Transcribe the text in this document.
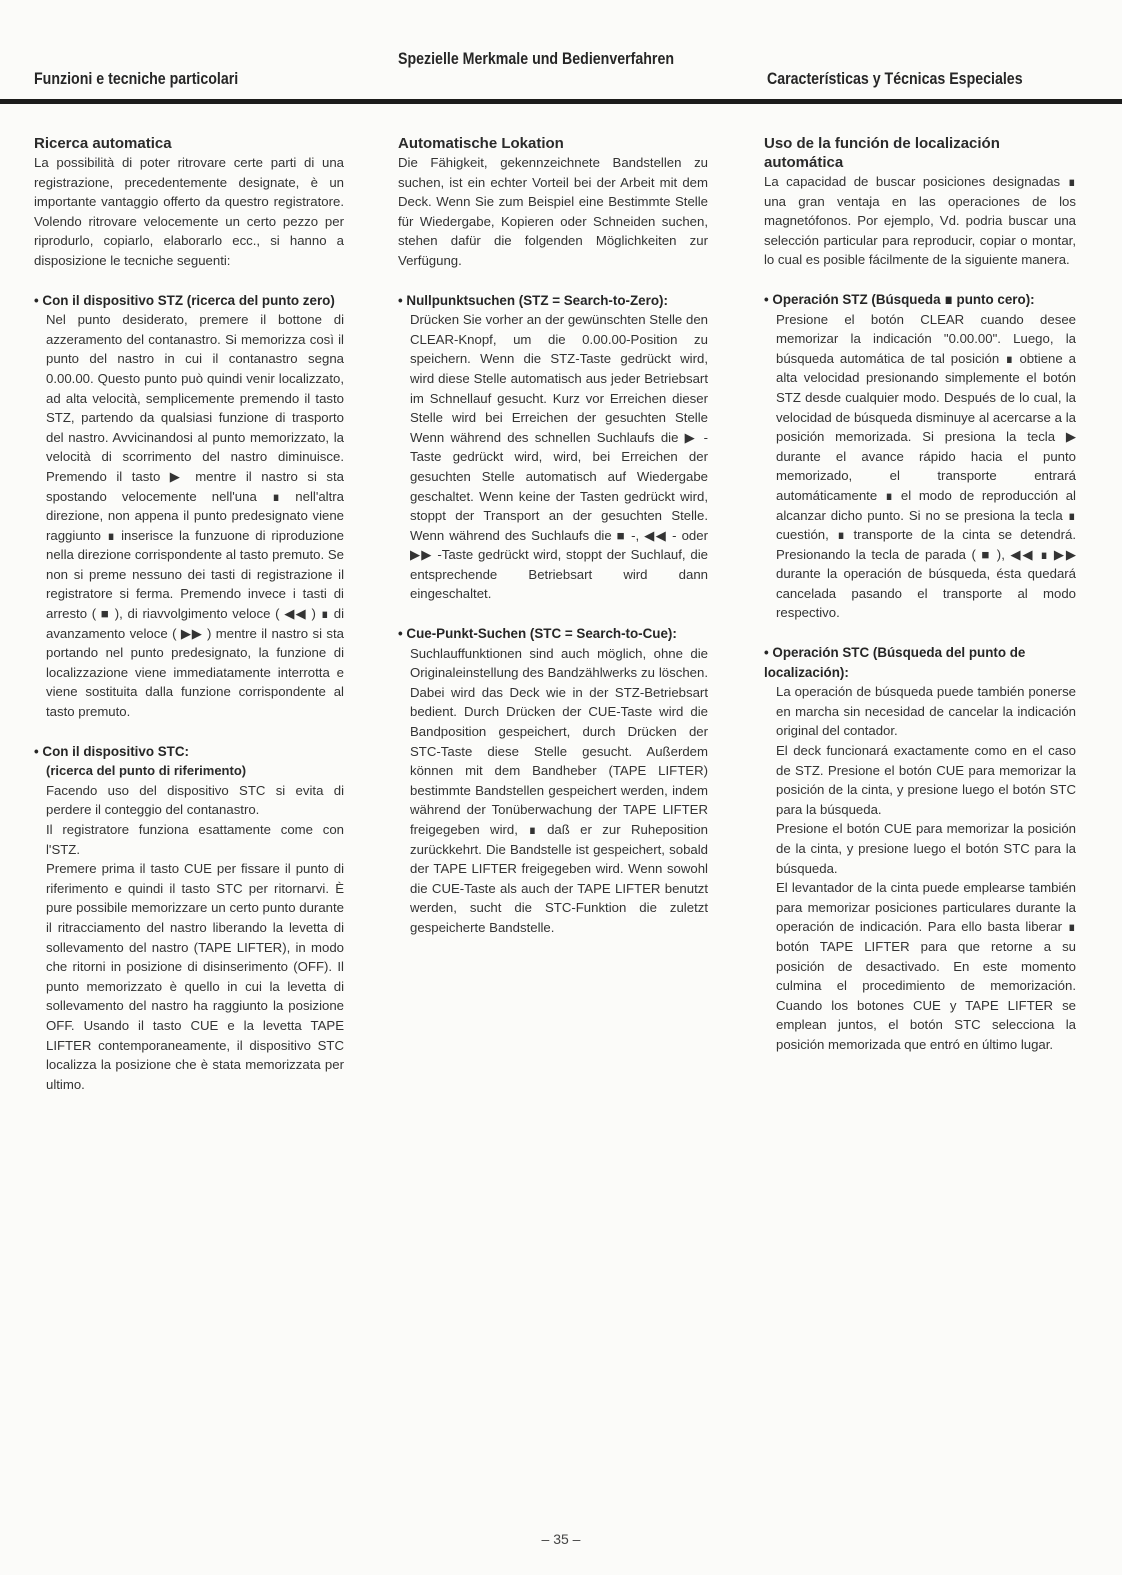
Funzioni e tecniche particolari
Spezielle Merkmale und Bedienverfahren
Características y Técnicas Especiales
Ricerca automatica

La possibilità di poter ritrovare certe parti di una registrazione, precedentemente designate, è un importante vantaggio offerto da questro registratore. Volendo ritrovare velocemente un certo pezzo per riprodurlo, copiarlo, elaborarlo ecc., si hanno a disposizione le tecniche seguenti:

• Con il dispositivo STZ (ricerca del punto zero)

Nel punto desiderato, premere il bottone di azzeramento del contanastro. Si memorizza così il punto del nastro in cui il contanastro segna 0.00.00. Questo punto può quindi venir localizzato, ad alta velocità, semplicemente premendo il tasto STZ, partendo da qualsiasi funzione di trasporto del nastro. Avvicinandosi al punto memorizzato, la velocità di scorrimento del nastro diminuisce. Premendo il tasto ▶ mentre il nastro si sta spostando velocemente nell'una ∎ nell'altra direzione, non appena il punto predesignato viene raggiunto ∎ inserisce la funzuone di riproduzione nella direzione corrispondente al tasto premuto. Se non si preme nessuno dei tasti di registrazione il registratore si ferma. Premendo invece i tasti di arresto ( ■ ), di riavvolgimento veloce ( ◀◀ ) ∎ di avanzamento veloce ( ▶▶ ) mentre il nastro si sta portando nel punto predesignato, la funzione di localizzazione viene immediatamente interrotta e viene sostituita dalla funzione corrispondente al tasto premuto.

• Con il dispositivo STC:

(ricerca del punto di riferimento)

Facendo uso del dispositivo STC si evita di perdere il conteggio del contanastro.

Il registratore funziona esattamente come con l'STZ.

Premere prima il tasto CUE per fissare il punto di riferimento e quindi il tasto STC per ritornarvi. È pure possibile memorizzare un certo punto durante il ritracciamento del nastro liberando la levetta di sollevamento del nastro (TAPE LIFTER), in modo che ritorni in posizione di disinserimento (OFF). Il punto memorizzato è quello in cui la levetta di sollevamento del nastro ha raggiunto la posizione OFF. Usando il tasto CUE e la levetta TAPE LIFTER contemporaneamente, il dispositivo STC localizza la posizione che è stata memorizzata per ultimo.

Automatische Lokation

Die Fähigkeit, gekennzeichnete Bandstellen zu suchen, ist ein echter Vorteil bei der Arbeit mit dem Deck. Wenn Sie zum Beispiel eine Bestimmte Stelle für Wiedergabe, Kopieren oder Schneiden suchen, stehen dafür die folgenden Möglichkeiten zur Verfügung.

• Nullpunktsuchen (STZ = Search-to-Zero):

Drücken Sie vorher an der gewünschten Stelle den CLEAR-Knopf, um die 0.00.00-Position zu speichern. Wenn die STZ-Taste gedrückt wird, wird diese Stelle automatisch aus jeder Betriebsart im Schnellauf gesucht. Kurz vor Erreichen dieser Stelle wird bei Erreichen der gesuchten Stelle Wenn während des schnellen Suchlaufs die ▶ -Taste gedrückt wird, wird, bei Erreichen der gesuchten Stelle automatisch auf Wiedergabe geschaltet. Wenn keine der Tasten gedrückt wird, stoppt der Transport an der gesuchten Stelle. Wenn während des Suchlaufs die ■ -, ◀◀ - oder ▶▶ -Taste gedrückt wird, stoppt der Suchlauf, die entsprechende Betriebsart wird dann eingeschaltet.

• Cue-Punkt-Suchen (STC = Search-to-Cue):

Suchlauffunktionen sind auch möglich, ohne die Originaleinstellung des Bandzählwerks zu löschen. Dabei wird das Deck wie in der STZ-Betriebsart bedient. Durch Drücken der CUE-Taste wird die Bandposition gespeichert, durch Drücken der STC-Taste diese Stelle gesucht. Außerdem können mit dem Bandheber (TAPE LIFTER) bestimmte Bandstellen gespeichert werden, indem während der Tonüberwachung der TAPE LIFTER freigegeben wird, ∎ daß er zur Ruheposition zurückkehrt. Die Bandstelle ist gespeichert, sobald der TAPE LIFTER freigegeben wird. Wenn sowohl die CUE-Taste als auch der TAPE LIFTER benutzt werden, sucht die STC-Funktion die zuletzt gespeicherte Bandstelle.

Uso de la función de localización automática

La capacidad de buscar posiciones designadas ∎ una gran ventaja en las operaciones de los magnetófonos. Por ejemplo, Vd. podria buscar una selección particular para reproducir, copiar o montar, lo cual es posible fácilmente de la siguiente manera.

• Operación STZ (Búsqueda ∎ punto cero):

Presione el botón CLEAR cuando desee memorizar la indicación "0.00.00". Luego, la búsqueda automática de tal posición ∎ obtiene a alta velocidad presionando simplemente el botón STZ desde cualquier modo. Después de lo cual, la velocidad de búsqueda disminuye al acercarse a la posición memorizada. Si presiona la tecla ▶ durante el avance rápido hacia el punto memorizado, el transporte entrará automáticamente ∎ el modo de reproducción al alcanzar dicho punto. Si no se presiona la tecla ∎ cuestión, ∎ transporte de la cinta se detendrá. Presionando la tecla de parada ( ■ ), ◀◀ ∎ ▶▶ durante la operación de búsqueda, ésta quedará cancelada pasando el transporte al modo respectivo.

• Operación STC (Búsqueda del punto de localización):

La operación de búsqueda puede también ponerse en marcha sin necesidad de cancelar la indicación original del contador.

El deck funcionará exactamente como en el caso de STZ. Presione el botón CUE para memorizar la posición de la cinta, y presione luego el botón STC para la búsqueda.

Presione el botón CUE para memorizar la posición de la cinta, y presione luego el botón STC para la búsqueda.

El levantador de la cinta puede emplearse también para memorizar posiciones particulares durante la operación de indicación. Para ello basta liberar ∎ botón TAPE LIFTER para que retorne a su posición de desactivado. En este momento culmina el procedimiento de memorización. Cuando los botones CUE y TAPE LIFTER se emplean juntos, el botón STC selecciona la posición memorizada que entró en último lugar.

– 35 –
